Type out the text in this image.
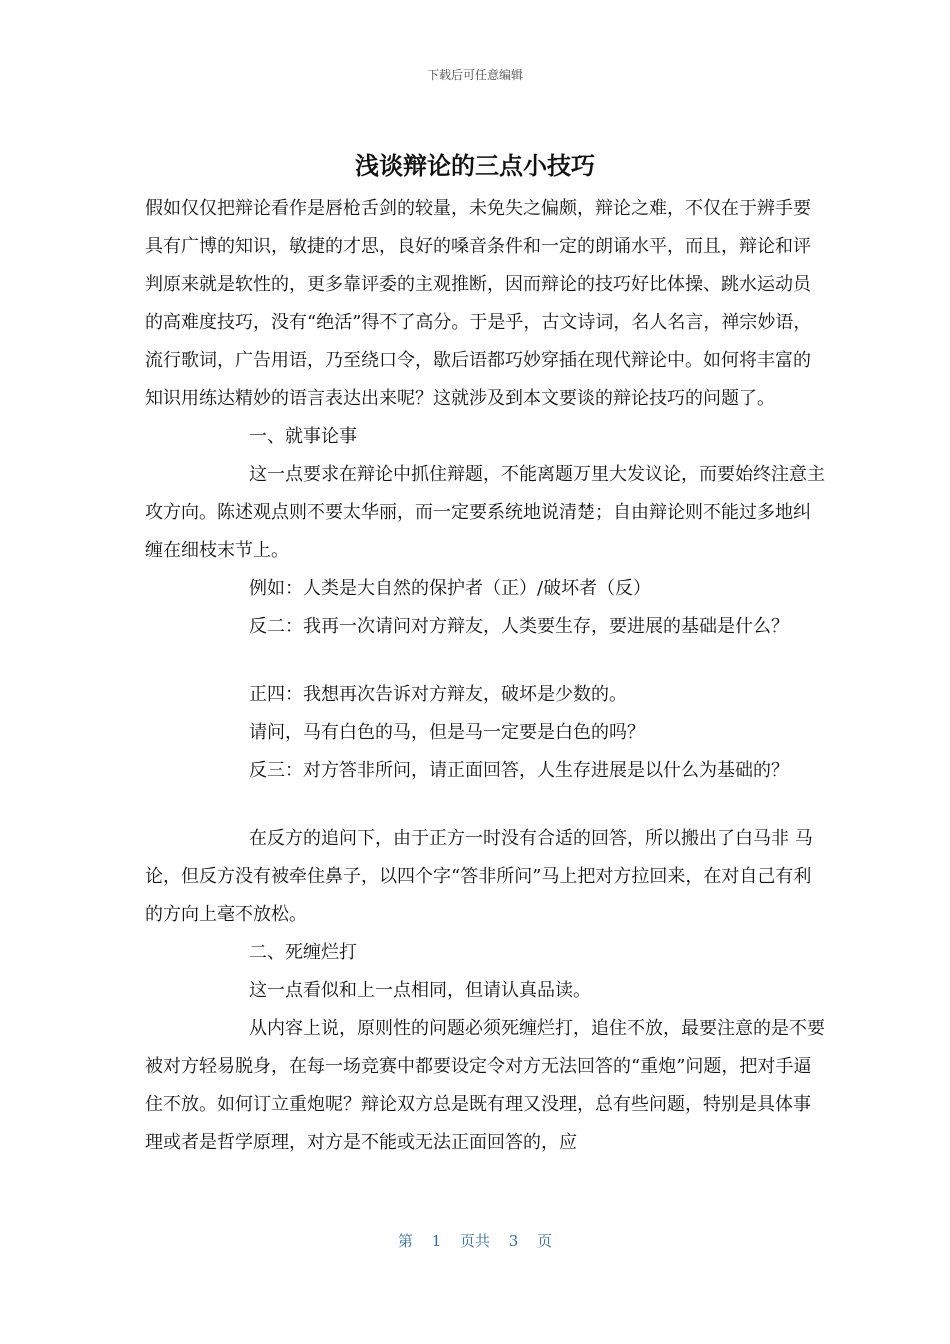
下载后可任意编辑
浅谈辩论的三点小技巧

假如仅仅把辩论看作是唇枪舌剑的较量，未免失之偏颇，辩论之难，不仅在于辨手要具有广博的知识，敏捷的才思，良好的嗓音条件和一定的朗诵水平，而且，辩论和评判原来就是软性的，更多靠评委的主观推断，因而辩论的技巧好比体操、跳水运动员的高难度技巧，没有“绝活”得不了高分。于是乎，古文诗词，名人名言，禅宗妙语，流行歌词，广告用语，乃至绕口令，歇后语都巧妙穿插在现代辩论中。如何将丰富的知识用练达精妙的语言表达出来呢？这就涉及到本文要谈的辩论技巧的问题了。

一、就事论事

这一点要求在辩论中抓住辩题，不能离题万里大发议论，而要始终注意主攻方向。陈述观点则不要太华丽，而一定要系统地说清楚；自由辩论则不能过多地纠缠在细枝末节上。

例如：人类是大自然的保护者（正）/破坏者（反）

反二：我再一次请问对方辩友，人类要生存，要进展的基础是什么？

正四：我想再次告诉对方辩友，破坏是少数的。

请问，马有白色的马，但是马一定要是白色的吗？

反三：对方答非所问，请正面回答，人生存进展是以什么为基础的？

在反方的追问下，由于正方一时没有合适的回答，所以搬出了白马非 马论，但反方没有被牵住鼻子，以四个字“答非所问”马上把对方拉回来，在对自己有利的方向上毫不放松。

二、死缠烂打

这一点看似和上一点相同，但请认真品读。

从内容上说，原则性的问题必须死缠烂打，追住不放，最要注意的是不要被对方轻易脱身，在每一场竞赛中都要设定令对方无法回答的“重炮”问题，把对手逼住不放。如何订立重炮呢？辩论双方总是既有理又没理，总有些问题，特别是具体事理或者是哲学原理，对方是不能或无法正面回答的，应

第 1 页共 3 页
